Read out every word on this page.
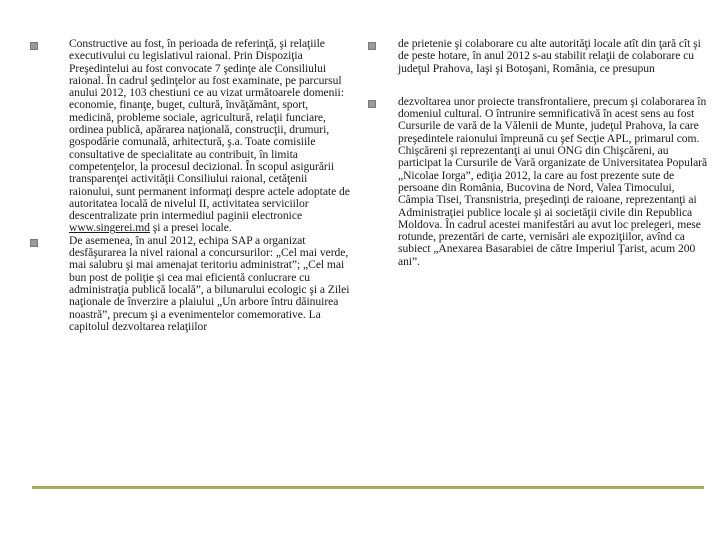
Constructive au fost, în perioada de referinţă, şi relaţiile executivului cu legislativul raional. Prin Dispoziţia Preşedintelui au fost convocate 7 şedinţe ale Consiliului raional. În cadrul şedinţelor au fost examinate, pe parcursul anului 2012, 103 chestiuni ce au vizat următoarele domenii: economie, finanţe, buget, cultură, învăţământ, sport, medicină, probleme sociale, agricultură, relaţii funciare, ordinea publică, apărarea naţională, construcţii, drumuri, gospodărie comunală, arhitectură, ş.a. Toate comisiile consultative de specialitate au contribuit, în limita competenţelor, la procesul decizional. În scopul asigurării transparenţei activităţii Consiliului raional, cetăţenii raionului, sunt permanent informaţi despre actele adoptate de autoritatea locală de nivelul II, activitatea serviciilor descentralizate prin intermediul paginii electronice www.singerei.md şi a presei locale.
De asemenea, în anul 2012, echipa SAP a organizat desfăşurarea la nivel raional a concursurilor: „Cel mai verde, mai salubru şi mai amenajat teritoriu administrat”; „Cel mai bun post de poliţie şi cea mai eficientă conlucrare cu administraţia publică locală”, a bilunarului ecologic şi a Zilei naţionale de înverzire a plaiului „Un arbore întru dăinuirea noastră”, precum şi a evenimentelor comemorative. La capitolul dezvoltarea relaţiilor
de prietenie şi colaborare cu alte autorităţi locale atît din ţară cît şi de peste hotare, în anul 2012 s-au stabilit relaţii de colaborare cu judeţul Prahova, Iaşi şi Botoşani, România, ce presupun
dezvoltarea unor proiecte transfrontaliere, precum şi colaborarea în domeniul cultural. O întrunire semnificativă în acest sens au fost Cursurile de vară de la Vălenii de Munte, judeţul Prahova, la care preşedintele raionului împreună cu şef Secţie APL, primarul com. Chişcăreni şi reprezentanţi ai unui ONG din Chişcăreni, au participat la Cursurile de Vară organizate de Universitatea Populară „Nicolae Iorga”, ediţia 2012, la care au fost prezente sute de persoane din România, Bucovina de Nord, Valea Timocului, Câmpia Tisei, Transnistria, preşedinţi de raioane, reprezentanţi ai Administraţiei publice locale şi ai societăţii civile din Republica Moldova. În cadrul acestei manifestări au avut loc prelegeri, mese rotunde, prezentări de carte, vernisări ale expoziţiilor, avînd ca subiect „Anexarea Basarabiei de către Imperiul Ţarist, acum 200 ani”.
